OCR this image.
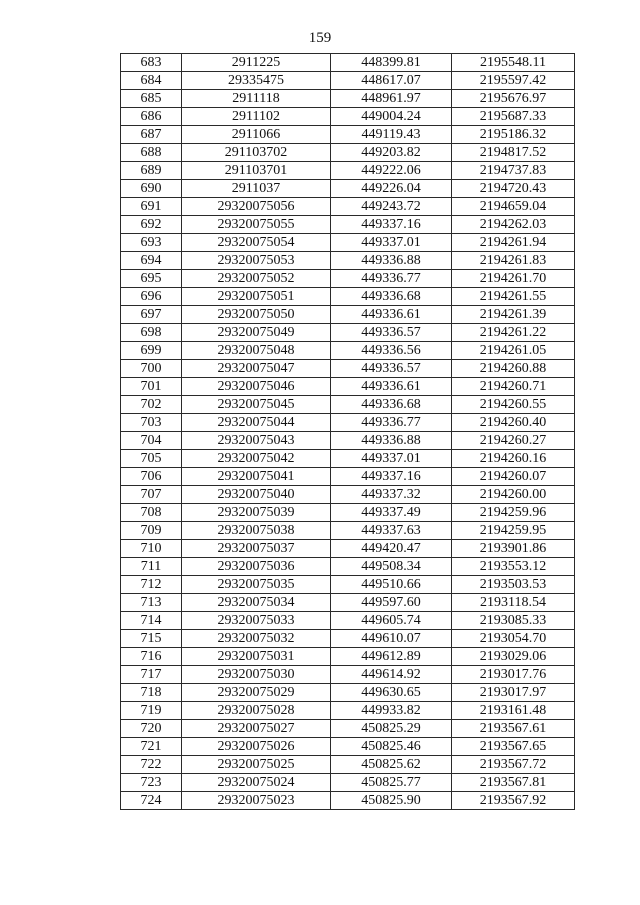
159
683	2911225	448399.81	2195548.11
684	29335475	448617.07	2195597.42
685	2911118	448961.97	2195676.97
686	2911102	449004.24	2195687.33
687	2911066	449119.43	2195186.32
688	291103702	449203.82	2194817.52
689	291103701	449222.06	2194737.83
690	2911037	449226.04	2194720.43
691	29320075056	449243.72	2194659.04
692	29320075055	449337.16	2194262.03
693	29320075054	449337.01	2194261.94
694	29320075053	449336.88	2194261.83
695	29320075052	449336.77	2194261.70
696	29320075051	449336.68	2194261.55
697	29320075050	449336.61	2194261.39
698	29320075049	449336.57	2194261.22
699	29320075048	449336.56	2194261.05
700	29320075047	449336.57	2194260.88
701	29320075046	449336.61	2194260.71
702	29320075045	449336.68	2194260.55
703	29320075044	449336.77	2194260.40
704	29320075043	449336.88	2194260.27
705	29320075042	449337.01	2194260.16
706	29320075041	449337.16	2194260.07
707	29320075040	449337.32	2194260.00
708	29320075039	449337.49	2194259.96
709	29320075038	449337.63	2194259.95
710	29320075037	449420.47	2193901.86
711	29320075036	449508.34	2193553.12
712	29320075035	449510.66	2193503.53
713	29320075034	449597.60	2193118.54
714	29320075033	449605.74	2193085.33
715	29320075032	449610.07	2193054.70
716	29320075031	449612.89	2193029.06
717	29320075030	449614.92	2193017.76
718	29320075029	449630.65	2193017.97
719	29320075028	449933.82	2193161.48
720	29320075027	450825.29	2193567.61
721	29320075026	450825.46	2193567.65
722	29320075025	450825.62	2193567.72
723	29320075024	450825.77	2193567.81
724	29320075023	450825.90	2193567.92
